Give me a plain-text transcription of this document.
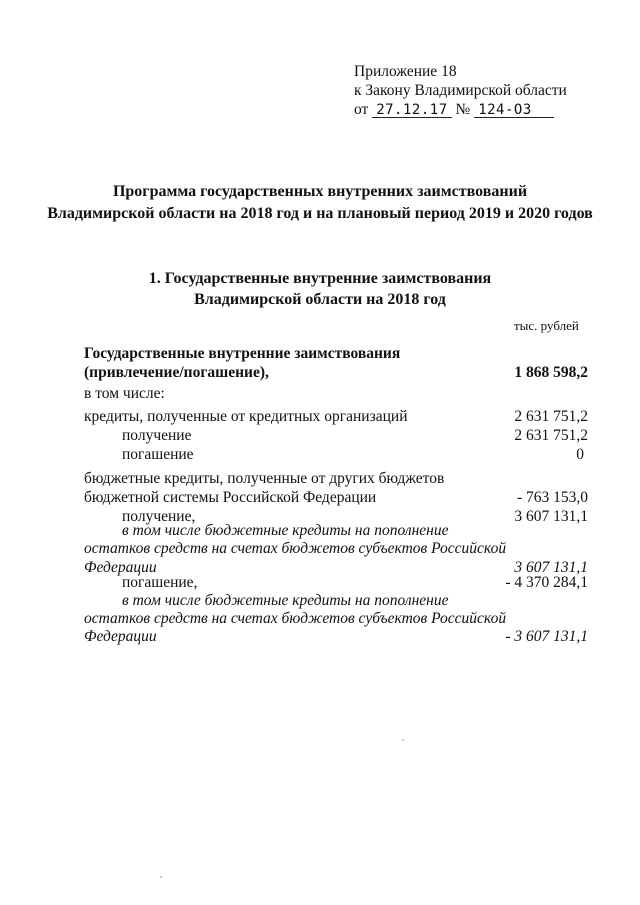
Приложение 18
к Закону Владимирской области
от 27.12.17 № 124-ОЗ
Программа государственных внутренних заимствований
Владимирской области на 2018 год и на плановый период 2019 и 2020 годов
1. Государственные внутренние заимствования
Владимирской области на 2018 год
тыс. рублей
Государственные внутренние заимствования
(привлечение/погашение),	1 868 598,2
в том числе:
кредиты, полученные от кредитных организаций	2 631 751,2
получение	2 631 751,2
погашение	0
бюджетные кредиты, полученные от других бюджетов
бюджетной системы Российской Федерации	- 763 153,0
получение,	3 607 131,1
в том числе бюджетные кредиты на пополнение
остатков средств на счетах бюджетов субъектов Российской
Федерации	3 607 131,1
погашение,	- 4 370 284,1
в том числе бюджетные кредиты на пополнение
остатков средств на счетах бюджетов субъектов Российской
Федерации	- 3 607 131,1
